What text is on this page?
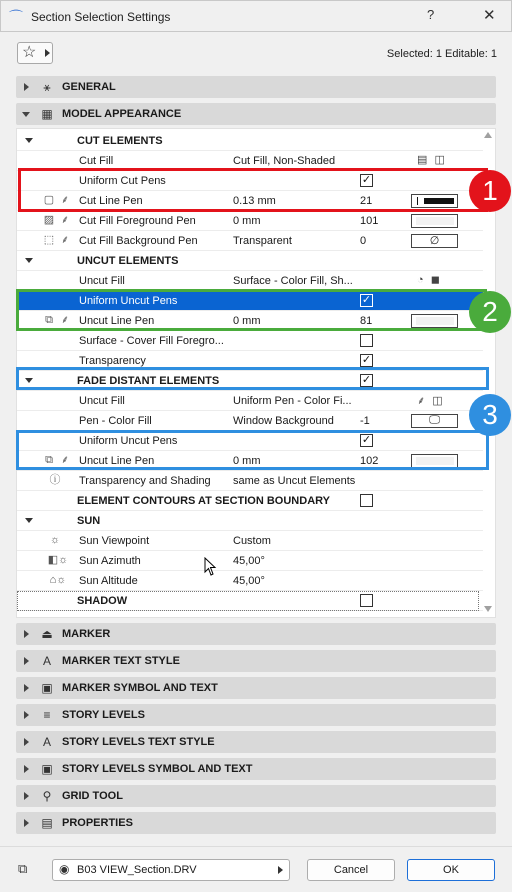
⌒ Section Selection Settings	?	✕
☆	Selected: 1 Editable: 1
⚹	GENERAL
▦ MODEL APPEARANCE
CUT ELEMENTS
Cut Fill	Cut Fill, Non-Shaded	▤ ◫
Uniform Cut Pens	✓
▢ ⸙ Cut Line Pen	0.13 mm	21
▨ ⸙ Cut Fill Foreground Pen	0 mm	101
⬚ ⸙ Cut Fill Background Pen	Transparent	0	∅
UNCUT ELEMENTS
Uncut Fill	Surface - Color Fill, Sh...	◔ ◼
Uniform Uncut Pens	✓
⧉ ⸙ Uncut Line Pen	0 mm	81
Surface - Cover Fill Foregro...
Transparency	✓
FADE DISTANT ELEMENTS	✓
Uncut Fill	Uniform Pen - Color Fi...	⸙ ◫
Pen - Color Fill	Window Background -1	🖵
Uniform Uncut Pens	✓
⧉ ⸙ Uncut Line Pen	0 mm	102
ⓘ Transparency and Shading same as Uncut Elements
ELEMENT CONTOURS AT SECTION BOUNDARY
SUN
☼ Sun Viewpoint	Custom
◧☼ Sun Azimuth	45,00°
⌂☼	Sun Altitude	45,00°
SHADOW
1
2
3
⏏ MARKER
A	MARKER TEXT STYLE
▣ MARKER SYMBOL AND TEXT
≡	STORY LEVELS
A	STORY LEVELS TEXT STYLE
▣ STORY LEVELS SYMBOL AND TEXT
⚲ GRID TOOL
▤ PROPERTIES
⧉	◉ B03 VIEW_Section.DRV	Cancel	OK
